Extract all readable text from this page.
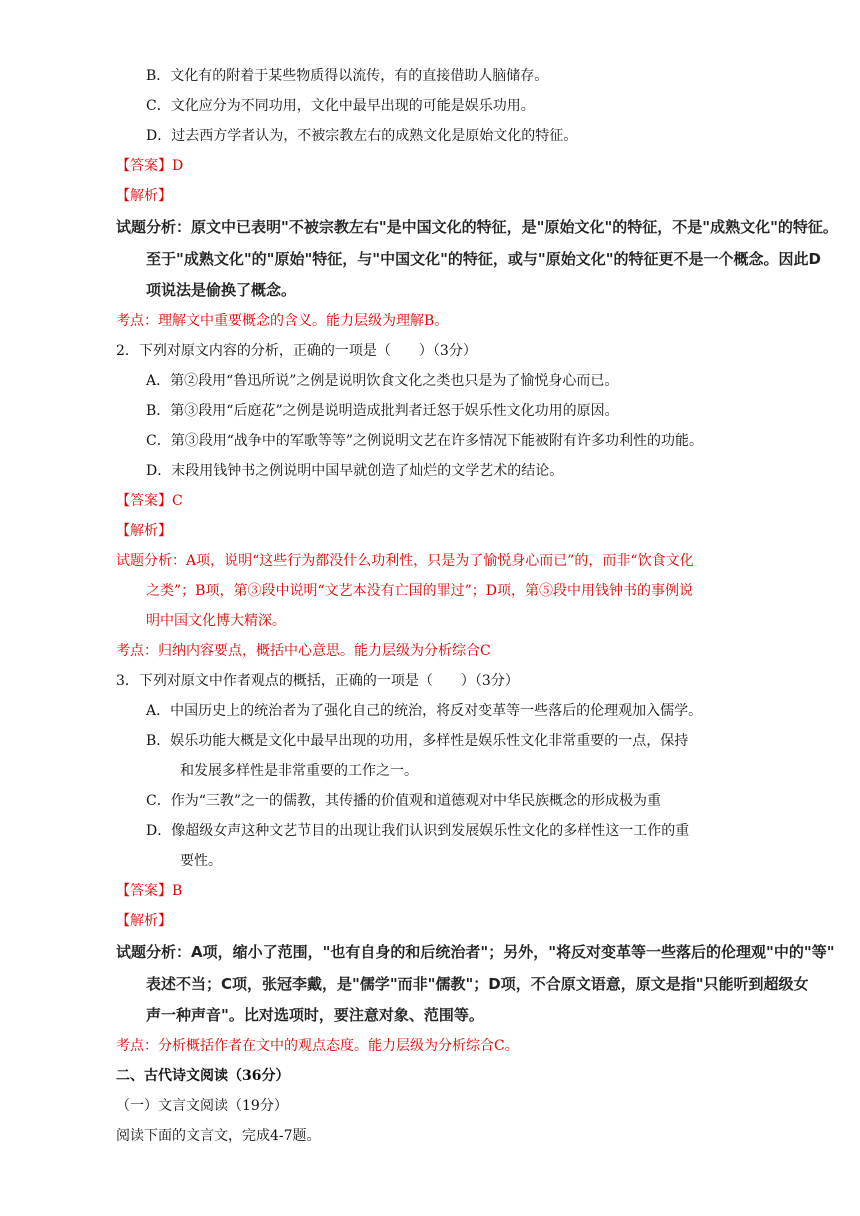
B．文化有的附着于某些物质得以流传，有的直接借助人脑储存。
C．文化应分为不同功用，文化中最早出现的可能是娱乐功用。
D．过去西方学者认为，不被宗教左右的成熟文化是原始文化的特征。
【答案】D
【解析】
试题分析：原文中已表明"不被宗教左右"是中国文化的特征，是"原始文化"的特征，不是"成熟文化"的特征。
至于"成熟文化"的"原始"特征，与"中国文化"的特征，或与"原始文化"的特征更不是一个概念。因此D
项说法是偷换了概念。
考点：理解文中重要概念的含义。能力层级为理解B。
2．下列对原文内容的分析，正确的一项是（　　）（3分）
A．第②段用“鲁迅所说”之例是说明饮食文化之类也只是为了愉悦身心而已。
B．第③段用“后庭花”之例是说明造成批判者迁怒于娱乐性文化功用的原因。
C．第③段用“战争中的军歌等等”之例说明文艺在许多情况下能被附有许多功利性的功能。
D．末段用钱钟书之例说明中国早就创造了灿烂的文学艺术的结论。
【答案】C
【解析】
试题分析：A项，说明“这些行为都没什么功利性，只是为了愉悦身心而已”的，而非“饮食文化
之类”；B项，第③段中说明“文艺本没有亡国的罪过”；D项，第⑤段中用钱钟书的事例说
明中国文化博大精深。
考点：归纳内容要点，概括中心意思。能力层级为分析综合C
3．下列对原文中作者观点的概括，正确的一项是（　　）（3分）
A．中国历史上的统治者为了强化自己的统治，将反对变革等一些落后的伦理观加入儒学。
B．娱乐功能大概是文化中最早出现的功用，多样性是娱乐性文化非常重要的一点，保持
和发展多样性是非常重要的工作之一。
C．作为“三教”之一的儒教，其传播的价值观和道德观对中华民族概念的形成极为重
D．像超级女声这种文艺节目的出现让我们认识到发展娱乐性文化的多样性这一工作的重
要性。
【答案】B
【解析】
试题分析：A项，缩小了范围，"也有自身的和后统治者"；另外，"将反对变革等一些落后的伦理观"中的"等"
表述不当；C项，张冠李戴，是"儒学"而非"儒教"；D项，不合原文语意，原文是指"只能听到超级女
声一种声音"。比对选项时，要注意对象、范围等。
考点：分析概括作者在文中的观点态度。能力层级为分析综合C。
二、古代诗文阅读（36分）
（一）文言文阅读（19分）
阅读下面的文言文，完成4-7题。
